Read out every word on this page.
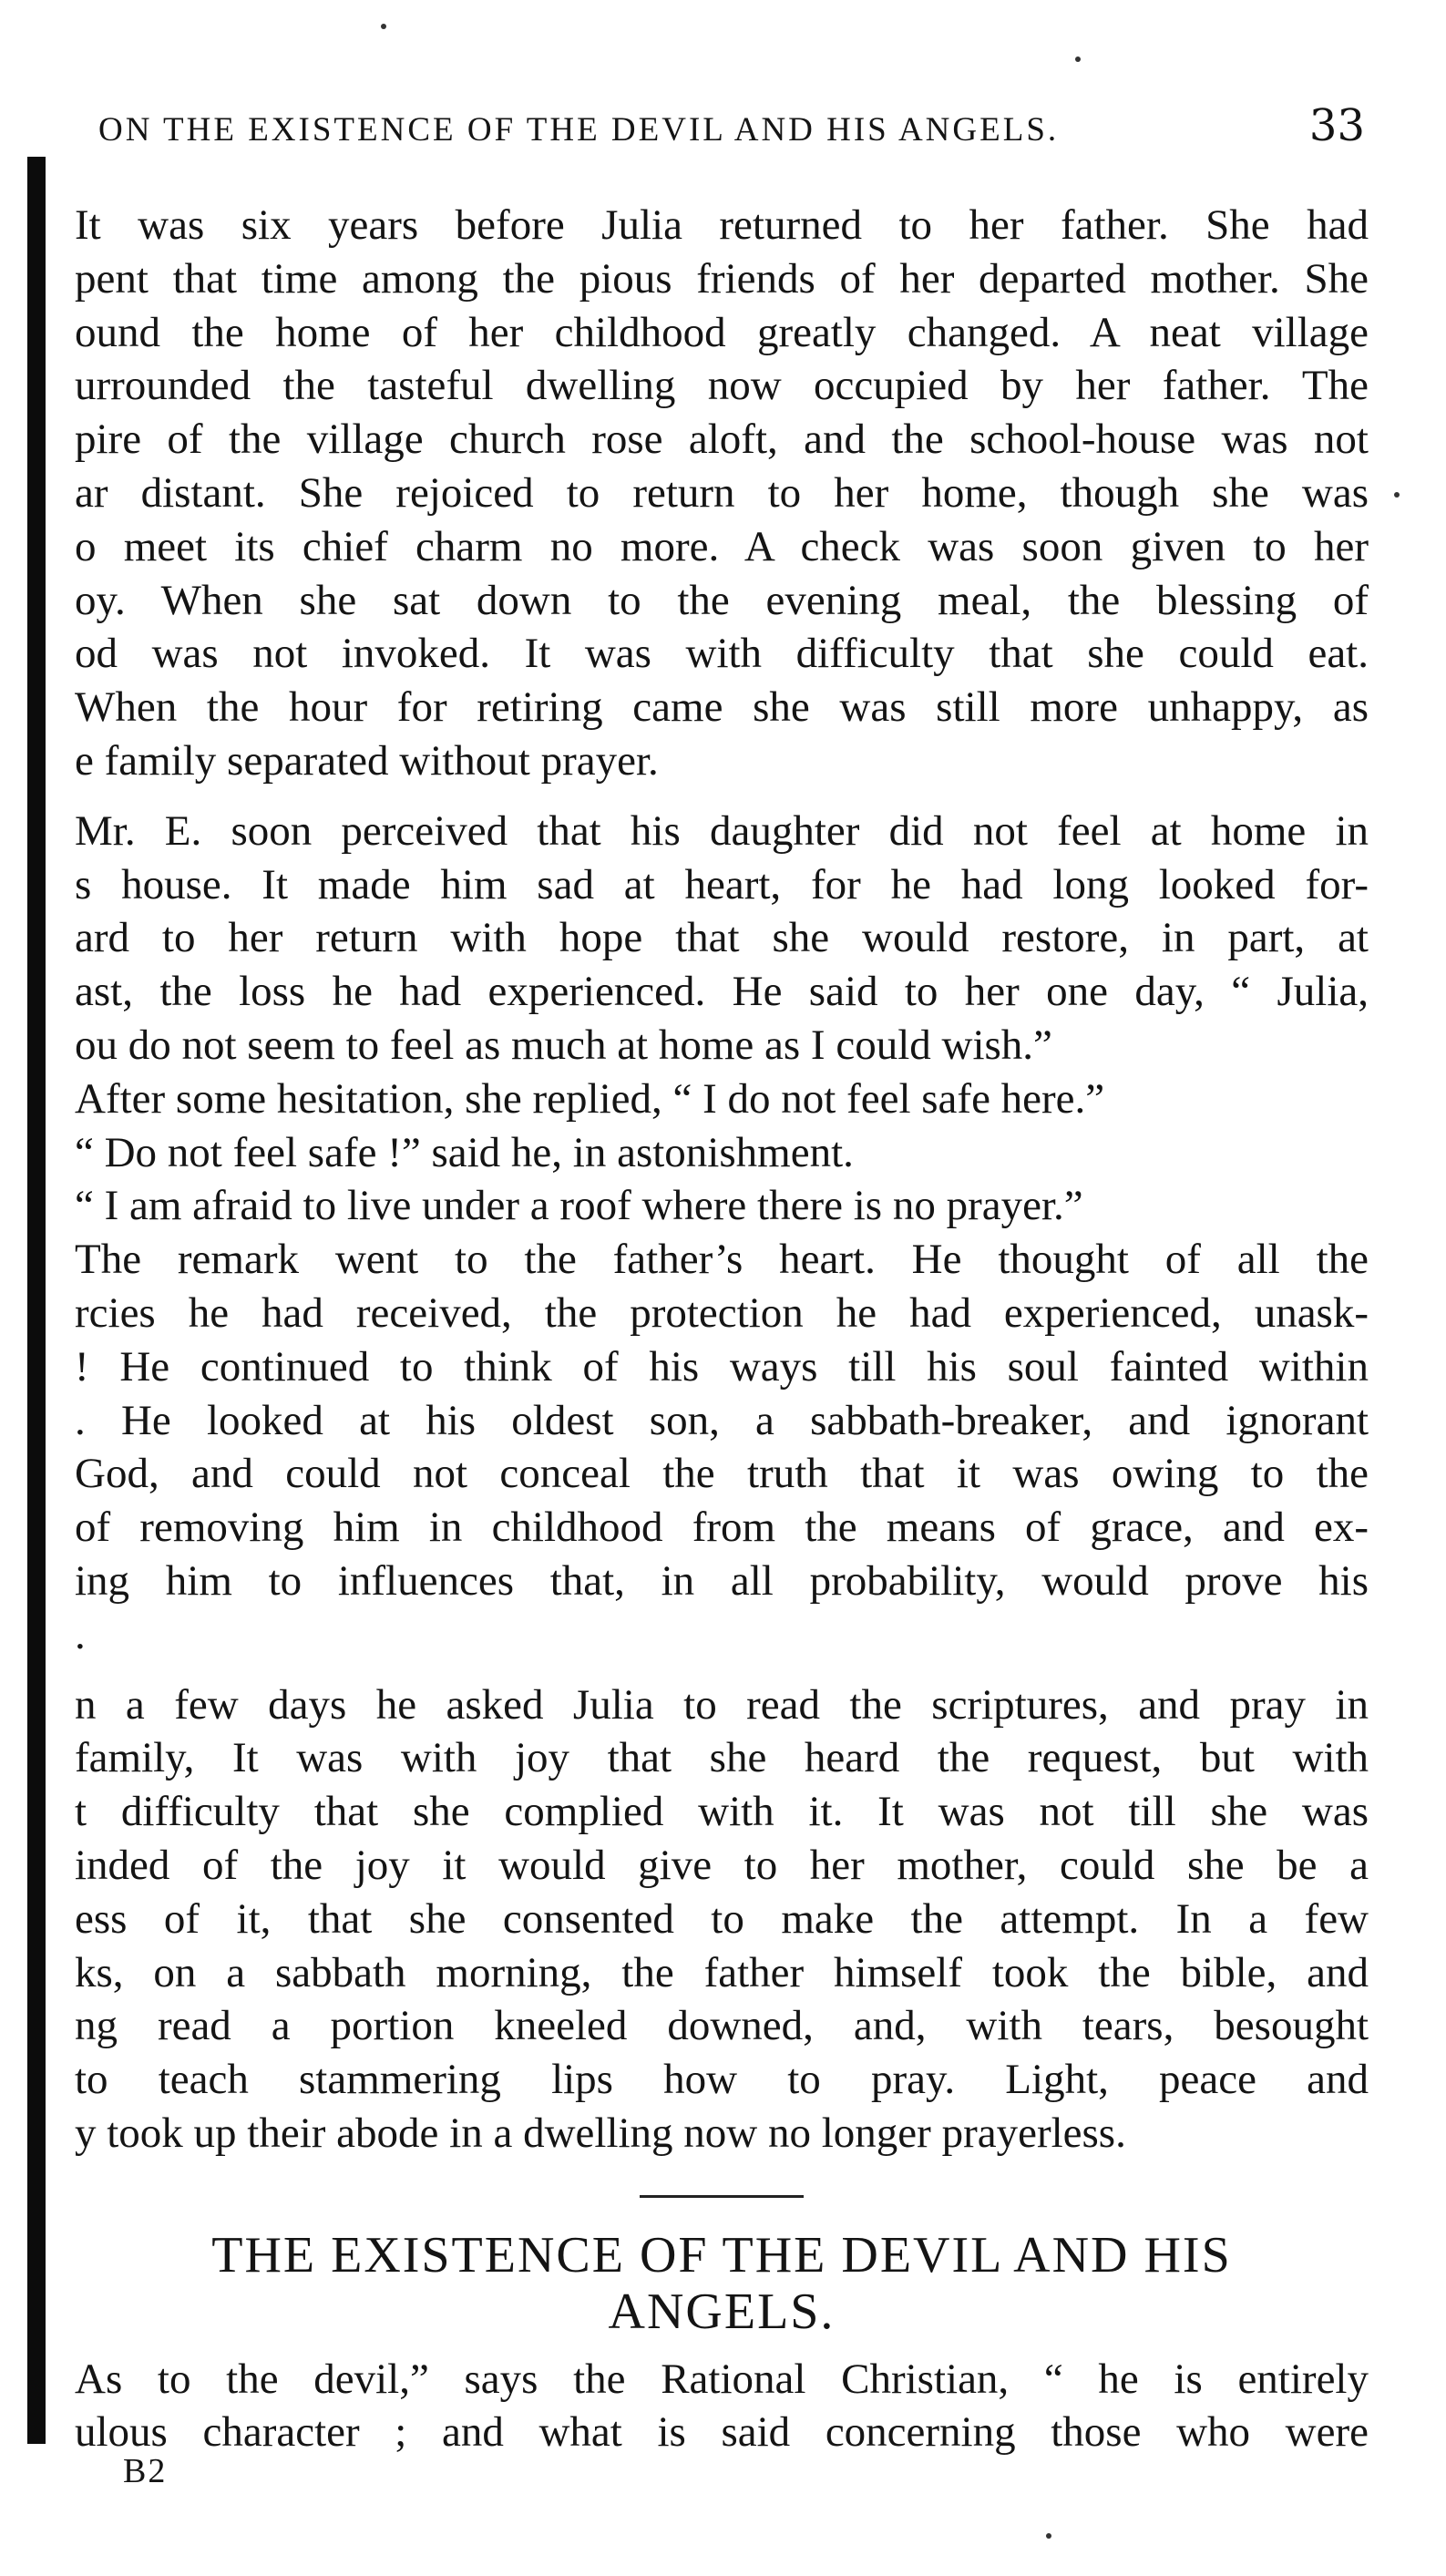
ON THE EXISTENCE OF THE DEVIL AND HIS ANGELS.	33
It was six years before Julia returned to her father. She had
pent that time among the pious friends of her departed mother. She
ound the home of her childhood greatly changed. A neat village
urrounded the tasteful dwelling now occupied by her father. The
pire of the village church rose aloft, and the school-house was not
ar distant. She rejoiced to return to her home, though she was
o meet its chief charm no more. A check was soon given to her
oy. When she sat down to the evening meal, the blessing of
od was not invoked. It was with difficulty that she could eat.
When the hour for retiring came she was still more unhappy, as
e family separated without prayer.
Mr. E. soon perceived that his daughter did not feel at home in
s house. It made him sad at heart, for he had long looked for-
ard to her return with hope that she would restore, in part, at
ast, the loss he had experienced. He said to her one day, “ Julia,
ou do not seem to feel as much at home as I could wish.”
After some hesitation, she replied, “ I do not feel safe here.”
“ Do not feel safe !” said he, in astonishment.
“ I am afraid to live under a roof where there is no prayer.”
The remark went to the father’s heart. He thought of all the
rcies he had received, the protection he had experienced, unask-
! He continued to think of his ways till his soul fainted within
. He looked at his oldest son, a sabbath-breaker, and ignorant
God, and could not conceal the truth that it was owing to the
of removing him in childhood from the means of grace, and ex-
ing him to influences that, in all probability, would prove his
.
n a few days he asked Julia to read the scriptures, and pray in
family, It was with joy that she heard the request, but with
t difficulty that she complied with it. It was not till she was
inded of the joy it would give to her mother, could she be a
ess of it, that she consented to make the attempt. In a few
ks, on a sabbath morning, the father himself took the bible, and
ng read a portion kneeled downed, and, with tears, besought
to teach stammering lips how to pray. Light, peace and
y took up their abode in a dwelling now no longer prayerless.
THE EXISTENCE OF THE DEVIL AND HIS
ANGELS.
As to the devil,” says the Rational Christian, “ he is entirely
ulous character ; and what is said concerning those who were
B2
